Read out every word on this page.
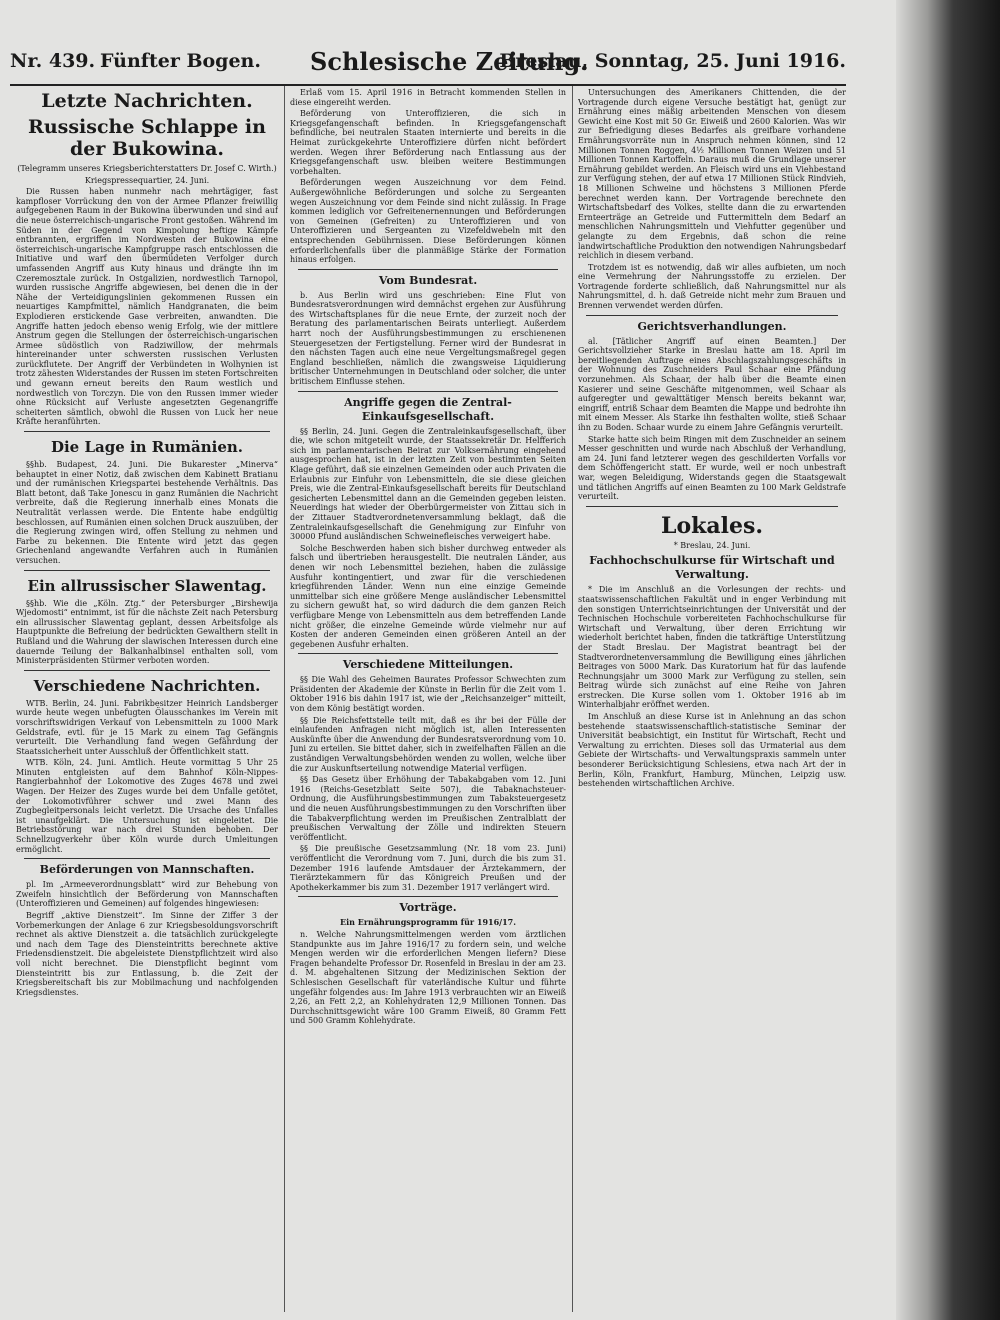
Nr. 439. Fünfter Bogen. Schlesische Zeitung.
Breslau, Sonntag, 25. Juni 1916.
Letzte Nachrichten.
Russische Schlappe in der Bukowina.
(Telegramm unseres Kriegsberichterstatters Dr. Josef C. Wirth.)
Kriegspressequartier, 24. Juni.

Die Russen haben nunmehr nach mehrtägiger, fast kampfloser Vorrückung den von der Armee Pflanzer freiwillig aufgegebenen Raum in der Bukowina überwunden und sind auf die neue österreichisch-ungarische Front gestoßen. Während im Süden in der Gegend von Kimpolung heftige Kämpfe entbrannten, ergriffen im Nordwesten der Bukowina eine österreichisch-ungarische Kampfgruppe rasch entschlossen die Initiative und warf den übermüdeten Verfolger durch umfassenden Angriff aus Kuty hinaus und drängte ihn im Czeremosztale zurück. In Ostgalizien, nordwestlich Tarnopol, wurden russische Angriffe abgewiesen, bei denen die in der Nähe der Verteidigungslinien gekommenen Russen ein neuartiges Kampfmittel, nämlich Handgranaten, die beim Explodieren erstickende Gase verbreiten, anwandten. Die Angriffe hatten jedoch ebenso wenig Erfolg, wie der mittlere Anstrum gegen die Stellungen der österreichisch-ungarischen Armee südöstlich von Radziwillow, der mehrmals hintereinander unter schwersten russischen Verlusten zurückflutete. Der Angriff der Verbündeten in Wolhynien ist trotz zähesten Widerstandes der Russen im steten Fortschreiten und gewann erneut bereits den Raum westlich und nordwestlich von Torczyn. Die von den Russen immer wieder ohne Rücksicht auf Verluste angesetzten Gegenangriffe scheiterten sämtlich, obwohl die Russen von Luck her neue Kräfte heranführten.

Die Lage in Rumänien.

§§hb. Budapest, 24. Juni. Die Bukarester „Minerva“ behauptet in einer Notiz, daß zwischen dem Kabinett Bratianu und der rumänischen Kriegspartei bestehende Verhältnis. Das Blatt betont, daß Take Jonescu in ganz Rumänien die Nachricht verbreite, daß die Regierung innerhalb eines Monats die Neutralität verlassen werde. Die Entente habe endgültig beschlossen, auf Rumänien einen solchen Druck auszuüben, der die Regierung zwingen wird, offen Stellung zu nehmen und Farbe zu bekennen. Die Entente wird jetzt das gegen Griechenland angewandte Verfahren auch in Rumänien versuchen.

Ein allrussischer Slawentag.

§§hb. Wie die „Köln. Ztg.“ der Petersburger „Birshewija Wjedomosti“ entnimmt, ist für die nächste Zeit nach Petersburg ein allrussischer Slawentag geplant, dessen Arbeitsfolge als Hauptpunkte die Befreiung der bedrückten Gewalthern stellt in Rußland und die Wahrung der slawischen Interessen durch eine dauernde Teilung der Balkanhalbinsel enthalten soll, vom Ministerpräsidenten Stürmer verboten worden.

Verschiedene Nachrichten.

WTB. Berlin, 24. Juni. Fabrikbesitzer Heinrich Landsberger wurde heute wegen unbefugten Ölausschankes im Verein mit vorschriftswidrigen Verkauf von Lebensmitteln zu 1000 Mark Geldstrafe, evtl. für je 15 Mark zu einem Tag Gefängnis verurteilt. Die Verhandlung fand wegen Gefährdung der Staatssicherheit unter Ausschluß der Öffentlichkeit statt.

WTB. Köln, 24. Juni. Amtlich. Heute vormittag 5 Uhr 25 Minuten entgleisten auf dem Bahnhof Köln-Nippes-Rangierbahnhof der Lokomotive des Zuges 4678 und zwei Wagen. Der Heizer des Zuges wurde bei dem Unfalle getötet, der Lokomotivführer schwer und zwei Mann des Zugbegleitpersonals leicht verletzt. Die Ursache des Unfalles ist unaufgeklärt. Die Untersuchung ist eingeleitet. Die Betriebsstörung war nach drei Stunden behoben. Der Schnellzugverkehr über Köln wurde durch Umleitungen ermöglicht.

Beförderungen von Mannschaften.

pl. Im „Armeeverordnungsblatt“ wird zur Behebung von Zweifeln hinsichtlich der Beförderung von Mannschaften (Unteroffizieren und Gemeinen) auf folgendes hingewiesen:

Begriff „aktive Dienstzeit“. Im Sinne der Ziffer 3 der Vorbemerkungen der Anlage 6 zur Kriegsbesoldungsvorschrift rechnet als aktive Dienstzeit a. die tatsächlich zurückgelegte und nach dem Tage des Diensteintritts berechnete aktive Friedensdienstzeit. Die abgeleistete Dienstpflichtzeit wird also voll nicht berechnet. Die Dienstpflicht beginnt vom Diensteintritt bis zur Entlassung, b. die Zeit der Kriegsbereitschaft bis zur Mobilmachung und nachfolgenden Kriegsdienstes.

Erlaß vom 15. April 1916 in Betracht kommenden Stellen in diese eingereiht werden.

Beförderung von Unteroffizieren, die sich in Kriegsgefangenschaft befinden. In Kriegsgefangenschaft befindliche, bei neutralen Staaten internierte und bereits in die Heimat zurückgekehrte Unteroffiziere dürfen nicht befördert werden. Wegen ihrer Beförderung nach Entlassung aus der Kriegsgefangenschaft usw. bleiben weitere Bestimmungen vorbehalten.

Beförderungen wegen Auszeichnung vor dem Feind. Außergewöhnliche Beförderungen und solche zu Sergeanten wegen Auszeichnung vor dem Feinde sind nicht zulässig. In Frage kommen lediglich vor Gefreitenernennungen und Beförderungen von Gemeinen (Gefreiten) zu Unteroffizieren und von Unteroffizieren und Sergeanten zu Vizefeldwebeln mit den entsprechenden Gebührnissen. Diese Beförderungen können erforderlichenfalls über die planmäßige Stärke der Formation hinaus erfolgen.

Vom Bundesrat.

b. Aus Berlin wird uns geschrieben: Eine Flut von Bundesratsverordnungen wird demnächst ergehen zur Ausführung des Wirtschaftsplanes für die neue Ernte, der zurzeit noch der Beratung des parlamentarischen Beirats unterliegt. Außerdem harrt noch der Ausführungsbestimmungen zu erschienenen Steuergesetzen der Fertigstellung. Ferner wird der Bundesrat in den nächsten Tagen auch eine neue Vergeltungsmaßregel gegen England beschließen, nämlich die zwangsweise Liquidierung britischer Unternehmungen in Deutschland oder solcher, die unter britischem Einflusse stehen.

Angriffe gegen die Zentral-Einkaufsgesellschaft.

§§ Berlin, 24. Juni. Gegen die Zentraleinkaufsgesellschaft, über die, wie schon mitgeteilt wurde, der Staatssekretär Dr. Helfferich sich im parlamentarischen Beirat zur Volksernährung eingehend ausgesprochen hat, ist in der letzten Zeit von bestimmten Seiten Klage geführt, daß sie einzelnen Gemeinden oder auch Privaten die Erlaubnis zur Einfuhr von Lebensmitteln, die sie diese gleichen Preis, wie die Zentral-Einkaufsgesellschaft bereits für Deutschland gesicherten Lebensmittel dann an die Gemeinden gegeben leisten. Neuerdings hat wieder der Oberbürgermeister von Zittau sich in der Zittauer Stadtverordnetenversammlung beklagt, daß die Zentraleinkaufsgesellschaft die Genehmigung zur Einfuhr von 30000 Pfund ausländischen Schweinefleisches verweigert habe.

Solche Beschwerden haben sich bisher durchweg entweder als falsch und übertrieben herausgestellt. Die neutralen Länder, aus denen wir noch Lebensmittel beziehen, haben die zulässige Ausfuhr kontingentiert, und zwar für die verschiedenen kriegführenden Länder. Wenn nun eine einzige Gemeinde unmittelbar sich eine größere Menge ausländischer Lebensmittel zu sichern gewußt hat, so wird dadurch die dem ganzen Reich verfügbare Menge von Lebensmitteln aus dem betreffenden Lande nicht größer, die einzelne Gemeinde würde vielmehr nur auf Kosten der anderen Gemeinden einen größeren Anteil an der gegebenen Ausfuhr erhalten.

Verschiedene Mitteilungen.

§§ Die Wahl des Geheimen Baurates Professor Schwechten zum Präsidenten der Akademie der Künste in Berlin für die Zeit vom 1. Oktober 1916 bis dahin 1917 ist, wie der „Reichsanzeiger“ mitteilt, von dem König bestätigt worden.

§§ Die Reichsfettstelle teilt mit, daß es ihr bei der Fülle der einlaufenden Anfragen nicht möglich ist, allen Interessenten Auskünfte über die Anwendung der Bundesratsverordnung vom 10. Juni zu erteilen. Sie bittet daher, sich in zweifelhaften Fällen an die zuständigen Verwaltungsbehörden wenden zu wollen, welche über die zur Auskunftserteilung notwendige Material verfügen.

§§ Das Gesetz über Erhöhung der Tabakabgaben vom 12. Juni 1916 (Reichs-Gesetzblatt Seite 507), die Tabaknachsteuer-Ordnung, die Ausführungsbestimmungen zum Tabaksteuergesetz und die neuen Ausführungsbestimmungen zu den Vorschriften über die Tabakverpflichtung werden im Preußischen Zentralblatt der preußischen Verwaltung der Zölle und indirekten Steuern veröffentlicht.

§§ Die preußische Gesetzsammlung (Nr. 18 vom 23. Juni) veröffentlicht die Verordnung vom 7. Juni, durch die bis zum 31. Dezember 1916 laufende Amtsdauer der Ärztekammern, der Tierärztekammern für das Königreich Preußen und der Apothekerkammer bis zum 31. Dezember 1917 verlängert wird.

Vorträge.
Ein Ernährungsprogramm für 1916/17.

n. Welche Nahrungsmittelmengen werden vom ärztlichen Standpunkte aus im Jahre 1916/17 zu fordern sein, und welche Mengen werden wir die erforderlichen Mengen liefern? Diese Fragen behandelte Professor Dr. Rosenfeld in Breslau in der am 23. d. M. abgehaltenen Sitzung der Medizinischen Sektion der Schlesischen Gesellschaft für vaterländische Kultur und führte ungefähr folgendes aus: Im Jahre 1913 verbrauchten wir an Eiweiß 2,26, an Fett 2,2, an Kohlehydraten 12,9 Millionen Tonnen. Das Durchschnittsgewicht wäre 100 Gramm Eiweiß, 80 Gramm Fett und 500 Gramm Kohlehydrate.

Untersuchungen des Amerikaners Chittenden, die der Vortragende durch eigene Versuche bestätigt hat, genügt zur Ernährung eines mäßig arbeitenden Menschen von diesem Gewicht eine Kost mit 50 Gr. Eiweiß und 2600 Kalorien. Was wir zur Befriedigung dieses Bedarfes als greifbare vorhandene Ernährungsvorräte nun in Anspruch nehmen können, sind 12 Millionen Tonnen Roggen, 4½ Millionen Tonnen Weizen und 51 Millionen Tonnen Kartoffeln. Daraus muß die Grundlage unserer Ernährung gebildet werden. An Fleisch wird uns ein Viehbestand zur Verfügung stehen, der auf etwa 17 Millionen Stück Rindvieh, 18 Millionen Schweine und höchstens 3 Millionen Pferde berechnet werden kann. Der Vortragende berechnete den Wirtschaftsbedarf des Volkes, stellte dann die zu erwartenden Ernteerträge an Getreide und Futtermitteln dem Bedarf an menschlichen Nahrungsmitteln und Viehfutter gegenüber und gelangte zu dem Ergebnis, daß schon die reine landwirtschaftliche Produktion den notwendigen Nahrungsbedarf reichlich in diesem verband.

Trotzdem ist es notwendig, daß wir alles aufbieten, um noch eine Vermehrung der Nahrungsstoffe zu erzielen. Der Vortragende forderte schließlich, daß Nahrungsmittel nur als Nahrungsmittel, d. h. daß Getreide nicht mehr zum Brauen und Brennen verwendet werden dürfen.

Gerichtsverhandlungen.

al. [Tätlicher Angriff auf einen Beamten.] Der Gerichtsvollzieher Starke in Breslau hatte am 18. April im bereitliegenden Auftrage eines Abschlagszahlungsgeschäfts in der Wohnung des Zuschneiders Paul Schaar eine Pfändung vorzunehmen. Als Schaar, der halb über die Beamte einen Kasierer und seine Geschäfte mitgenommen, weil Schaar als aufgeregter und gewalttätiger Mensch bereits bekannt war, eingriff, entriß Schaar dem Beamten die Mappe und bedrohte ihn mit einem Messer. Als Starke ihn festhalten wollte, stieß Schaar ihn zu Boden. Schaar wurde zu einem Jahre Gefängnis verurteilt.

Starke hatte sich beim Ringen mit dem Zuschneider an seinem Messer geschnitten und wurde nach Abschluß der Verhandlung, am 24. Juni fand letzterer wegen des geschilderten Vorfalls vor dem Schöffengericht statt. Er wurde, weil er noch unbestraft war, wegen Beleidigung, Widerstands gegen die Staatsgewalt und tätlichen Angriffs auf einen Beamten zu 100 Mark Geldstrafe verurteilt.

Lokales.
* Breslau, 24. Juni.
Fachhochschulkurse für Wirtschaft und Verwaltung.

* Die im Anschluß an die Vorlesungen der rechts- und staatswissenschaftlichen Fakultät und in enger Verbindung mit den sonstigen Unterrichtseinrichtungen der Universität und der Technischen Hochschule vorbereiteten Fachhochschulkurse für Wirtschaft und Verwaltung, über deren Errichtung wir wiederholt berichtet haben, finden die tatkräftige Unterstützung der Stadt Breslau. Der Magistrat beantragt bei der Stadtverordnetenversammlung die Bewilligung eines jährlichen Beitrages von 5000 Mark. Das Kuratorium hat für das laufende Rechnungsjahr um 3000 Mark zur Verfügung zu stellen, sein Beitrag würde sich zunächst auf eine Reihe von Jahren erstrecken. Die Kurse sollen vom 1. Oktober 1916 ab im Winterhalbjahr eröffnet werden.

Im Anschluß an diese Kurse ist in Anlehnung an das schon bestehende staatswissenschaftlich-statistische Seminar der Universität beabsichtigt, ein Institut für Wirtschaft, Recht und Verwaltung zu errichten. Dieses soll das Urmaterial aus dem Gebiete der Wirtschafts- und Verwaltungspraxis sammeln unter besonderer Berücksichtigung Schlesiens, etwa nach Art der in Berlin, Köln, Frankfurt, Hamburg, München, Leipzig usw. bestehenden wirtschaftlichen Archive.
